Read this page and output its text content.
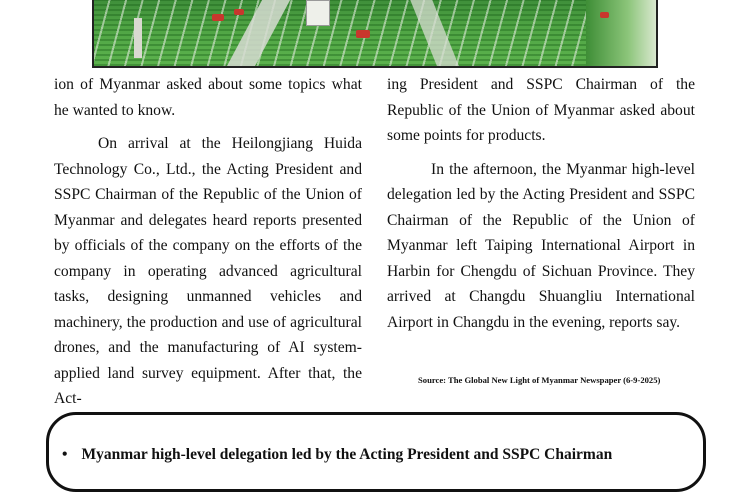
ion of Myanmar asked about some topics what he wanted to know.

On arrival at the Heilongjiang Huida Technology Co., Ltd., the Acting President and SSPC Chairman of the Republic of the Union of Myanmar and delegates heard reports presented by officials of the company on the efforts of the company in operating advanced agricultural tasks, designing unmanned vehicles and machinery, the production and use of agricultural drones, and the manufacturing of AI system-applied land survey equipment. After that, the Act-

ing President and SSPC Chairman of the Republic of the Union of Myanmar asked about some points for products.

In the afternoon, the Myanmar high-level delegation led by the Acting President and SSPC Chairman of the Republic of the Union of Myanmar left Taiping International Airport in Harbin for Chengdu of Sichuan Province. They arrived at Changdu Shuangliu International Airport in Changdu in the evening, reports say.

Source: The Global New Light of Myanmar Newspaper (6-9-2025)
• Myanmar high-level delegation led by the Acting President and SSPC Chairman
